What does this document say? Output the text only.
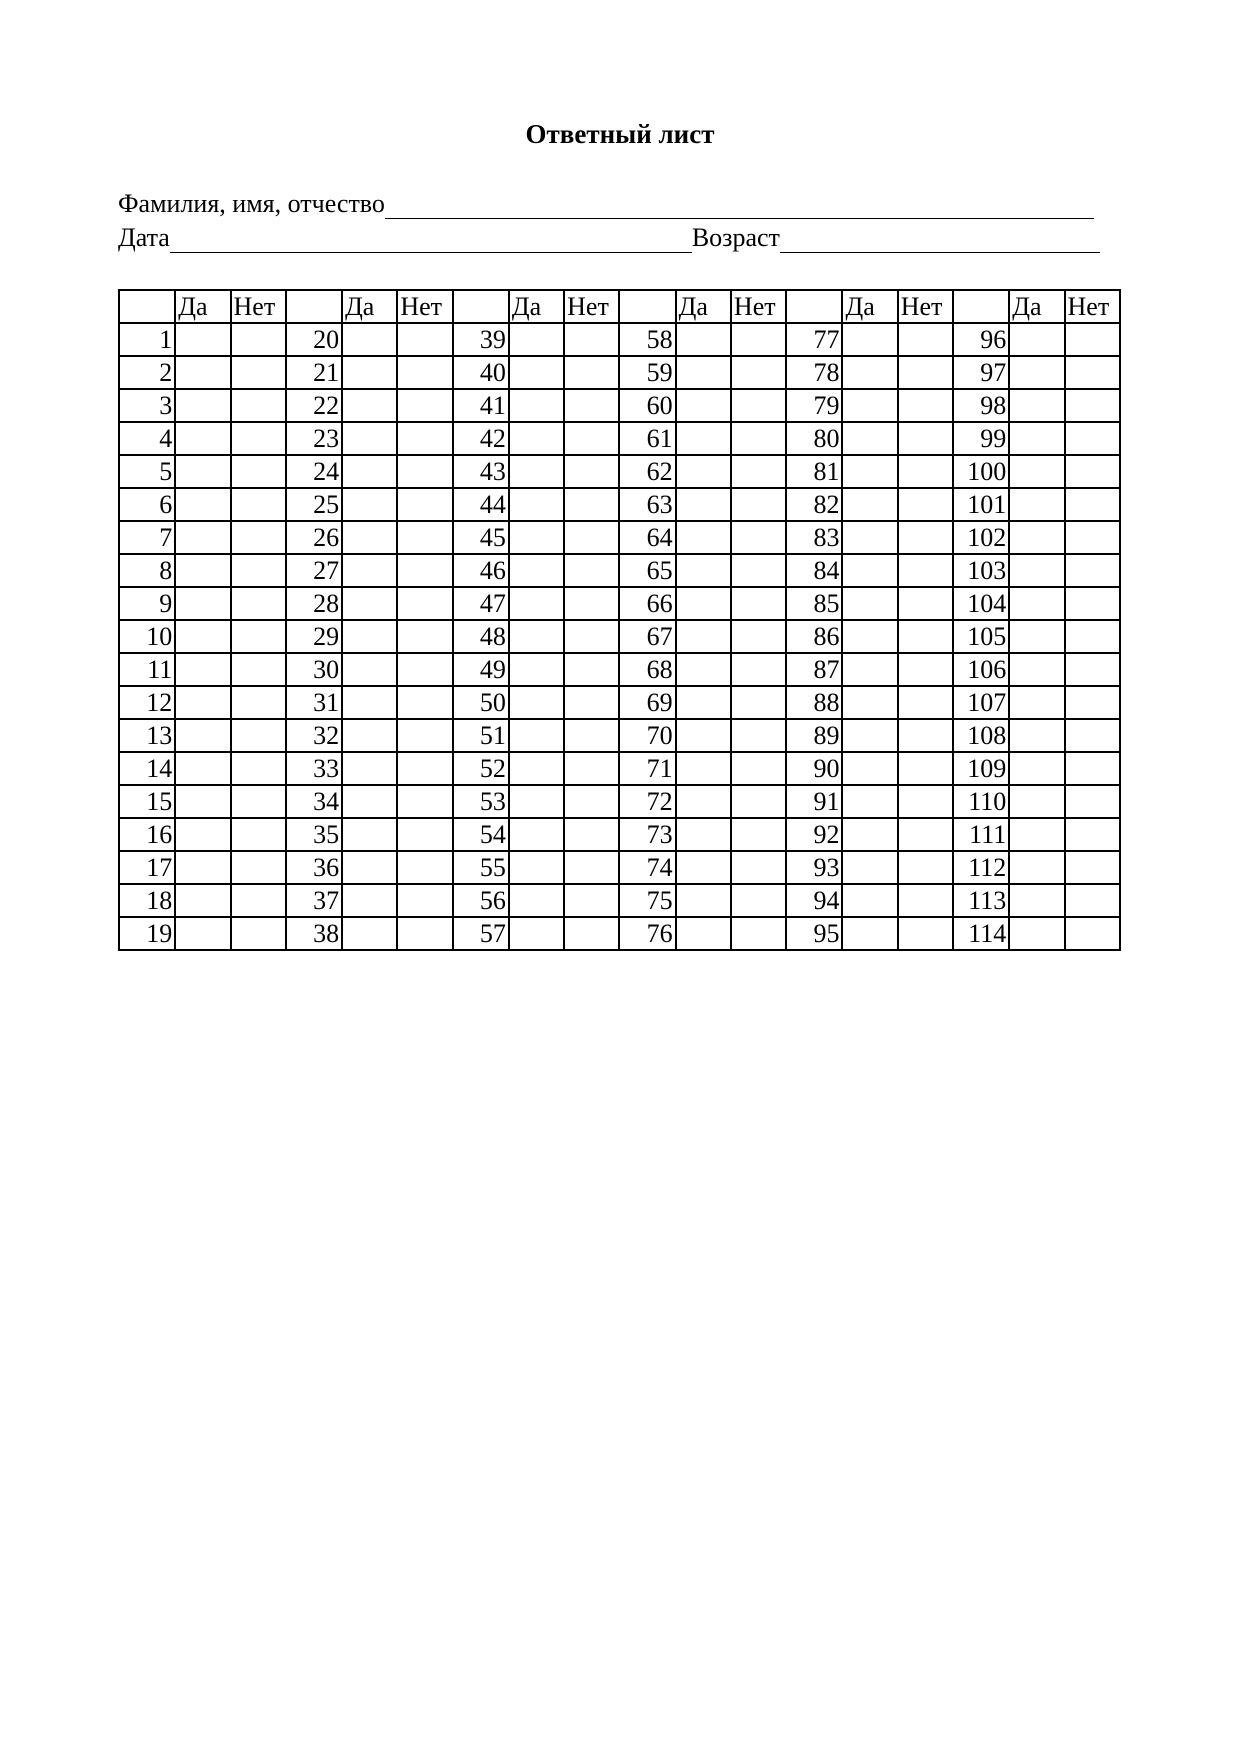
Ответный лист
Фамилия, имя, отчество
Дата	Возраст
	Да	Нет		Да	Нет		Да	Нет		Да	Нет		Да	Нет		Да	Нет
1			20			39			58			77			96		
2			21			40			59			78			97		
3			22			41			60			79			98		
4			23			42			61			80			99		
5			24			43			62			81			100		
6			25			44			63			82			101		
7			26			45			64			83			102		
8			27			46			65			84			103		
9			28			47			66			85			104		
10			29			48			67			86			105		
11			30			49			68			87			106		
12			31			50			69			88			107		
13			32			51			70			89			108		
14			33			52			71			90			109		
15			34			53			72			91			110		
16			35			54			73			92			111		
17			36			55			74			93			112		
18			37			56			75			94			113		
19			38			57			76			95			114		
